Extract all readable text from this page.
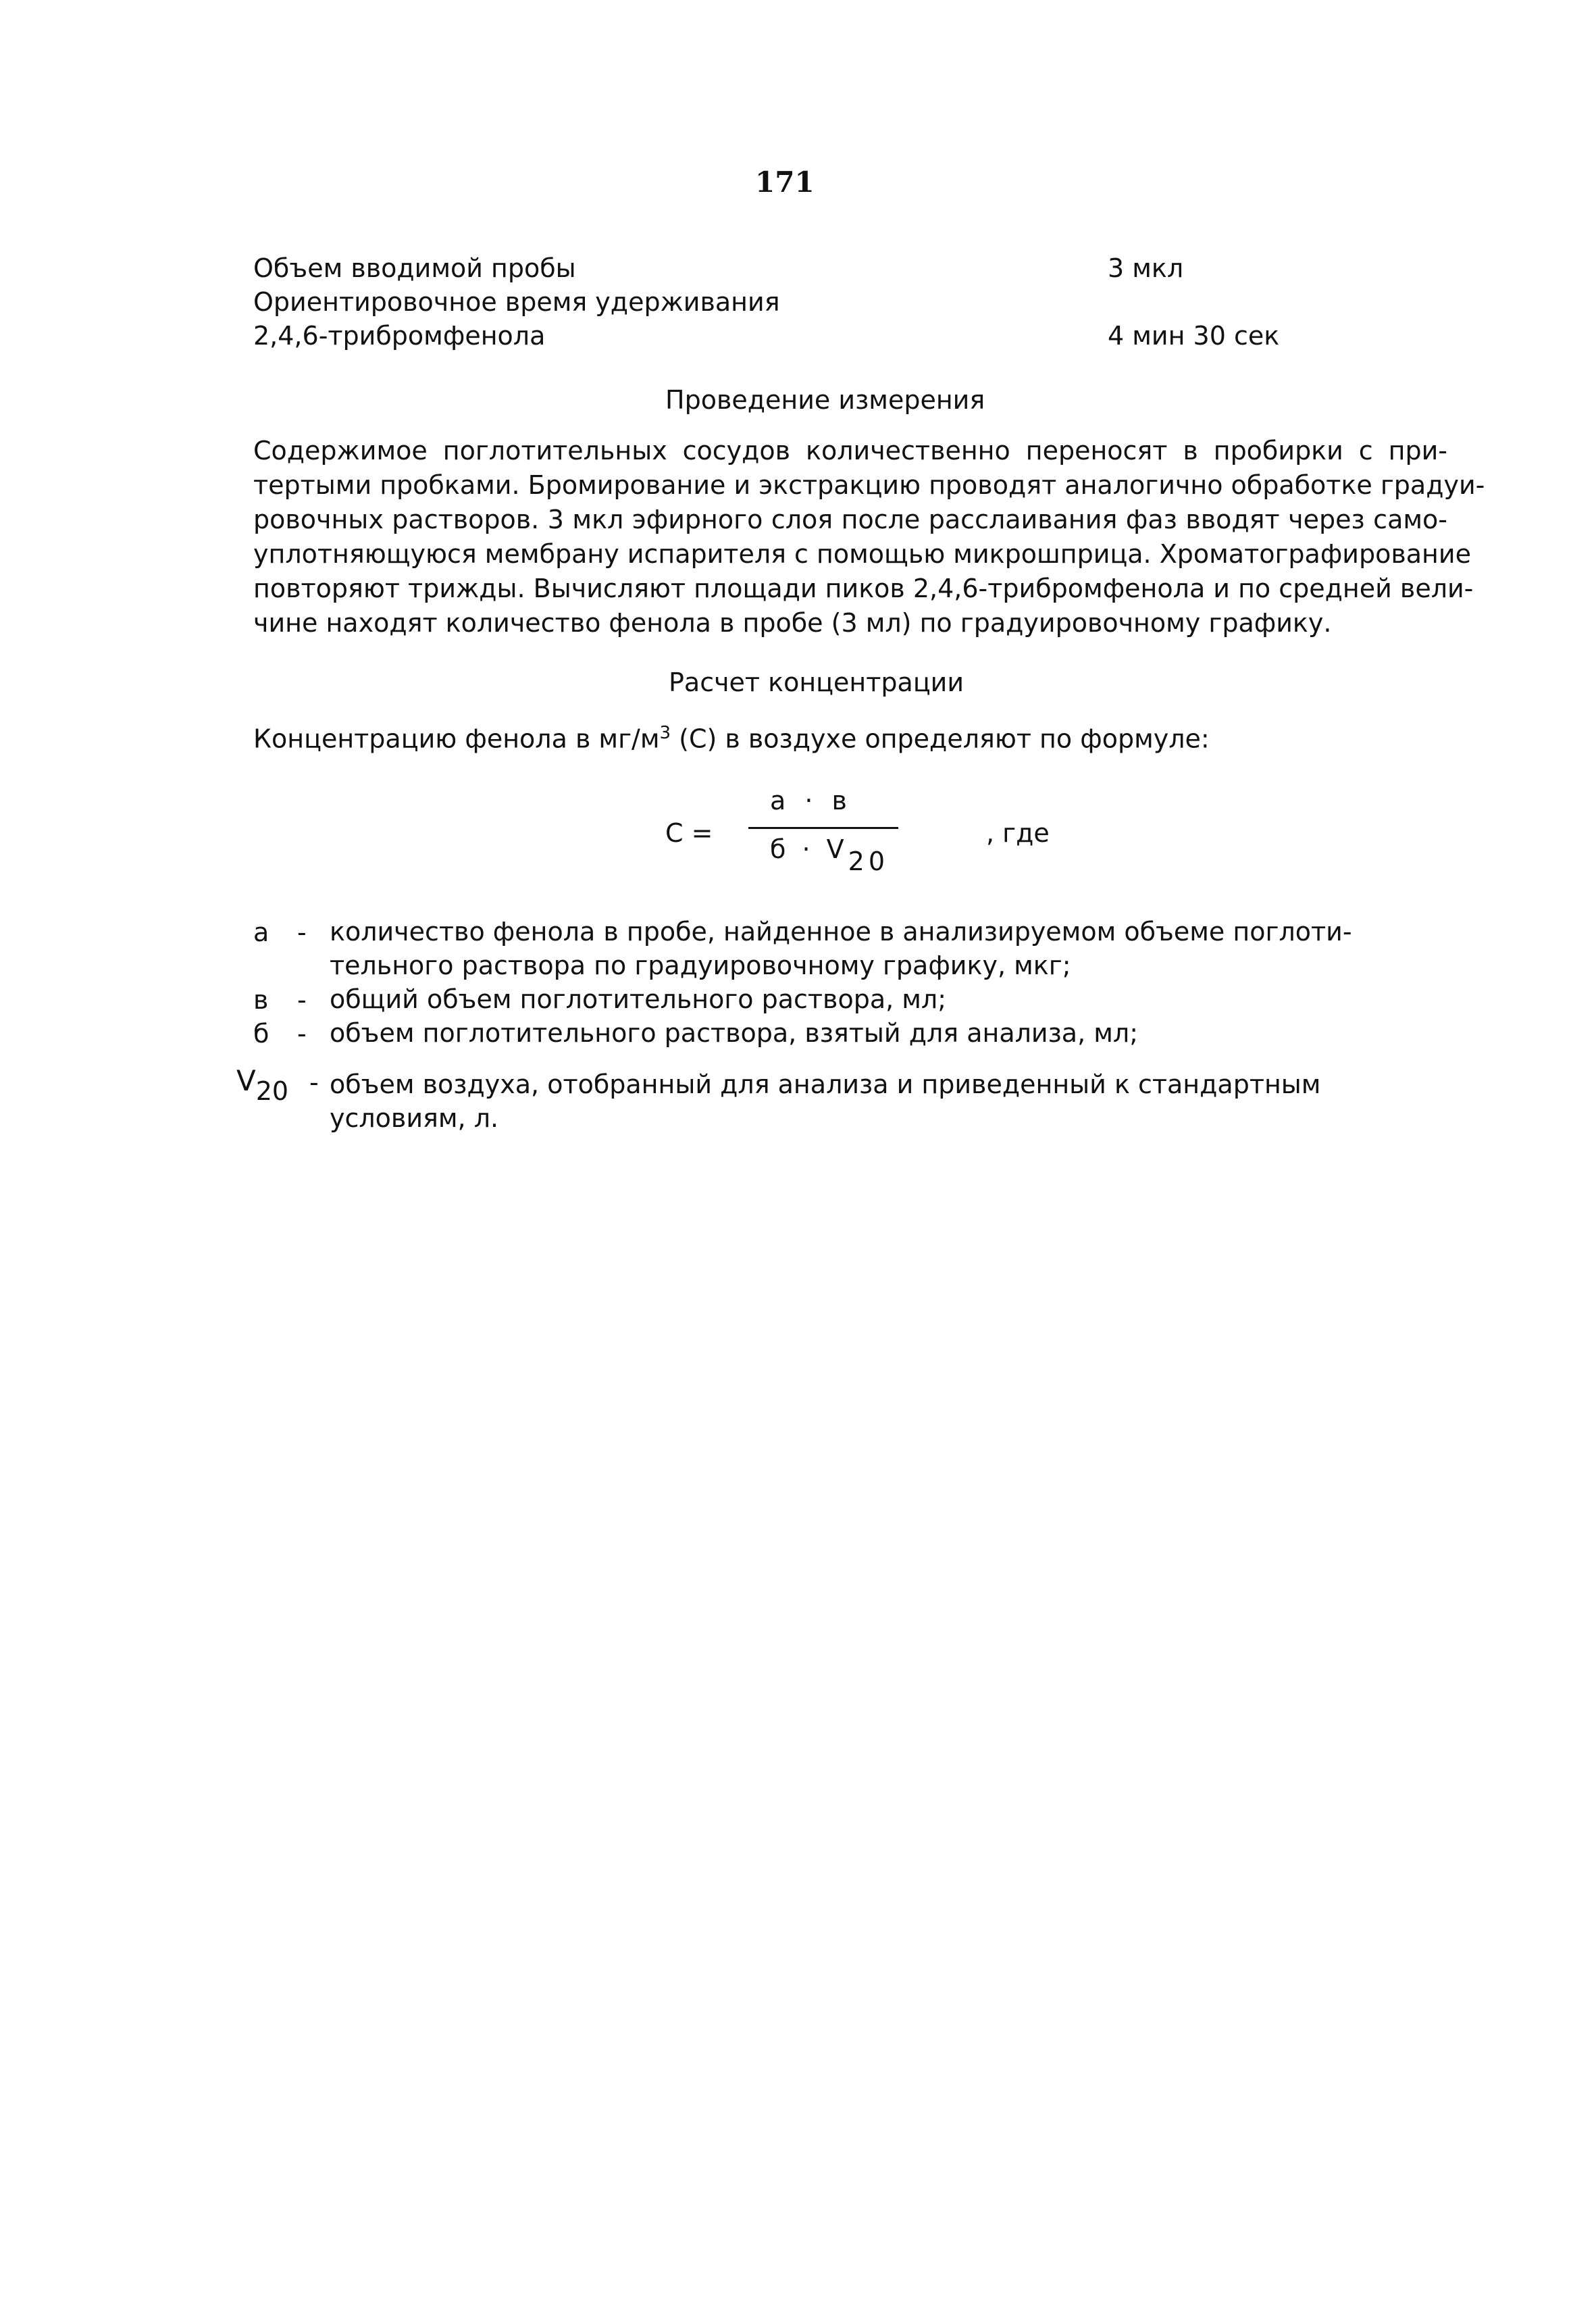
171
Объем вводимой пробы	3 мкл
Ориентировочное время удерживания
2,4,6-трибромфенола	4 мин 30 сек
Проведение измерения
Содержимое поглотительных сосудов количественно переносят в пробирки с при-
тертыми пробками. Бромирование и экстракцию проводят аналогично обработке градуи-
ровочных растворов. 3 мкл эфирного слоя после расслаивания фаз вводят через само-
уплотняющуюся мембрану испарителя с помощью микрошприца. Хроматографирование
повторяют трижды. Вычисляют площади пиков 2,4,6-трибромфенола и по средней вели-
чине находят количество фенола в пробе (3 мл) по градуировочному графику.
Расчет концентрации
Концентрацию фенола в $мг/м^3$ (С) в воздухе определяют по формуле:
С =
а · в
б · V20
, где
а - количество фенола в пробе, найденное в анализируемом объеме поглоти-
тельного раствора по градуировочному графику, мкг;
в - общий объем поглотительного раствора, мл;
б - объем поглотительного раствора, взятый для анализа, мл;
V20 - объем воздуха, отобранный для анализа и приведенный к стандартным
условиям, л.
